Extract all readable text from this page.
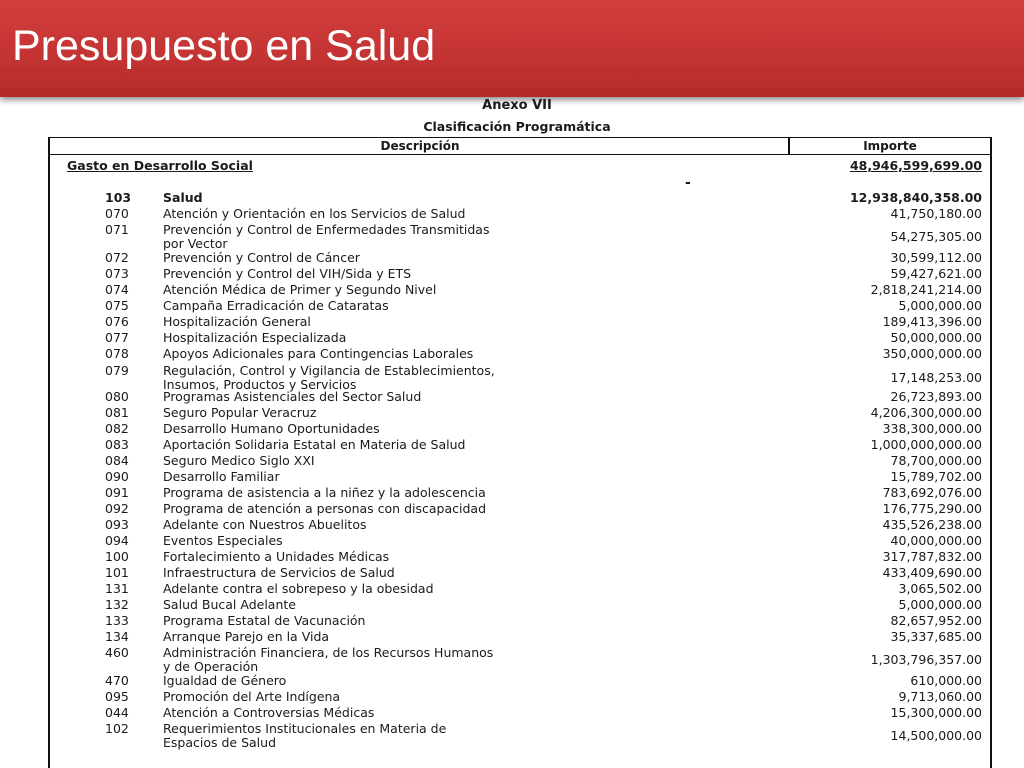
Presupuesto en Salud
Anexo VII
Clasificación Programática
Descripción	Importe
Gasto en Desarrollo Social	48,946,599,699.00
-
103	Salud	12,938,840,358.00
070	Atención y Orientación en los Servicios de Salud	41,750,180.00
071	Prevención y Control de Enfermedades Transmitidas
por Vector	54,275,305.00
072	Prevención y Control de Cáncer	30,599,112.00
073	Prevención y Control del VIH/Sida y ETS	59,427,621.00
074	Atención Médica de Primer y Segundo Nivel	2,818,241,214.00
075	Campaña Erradicación de Cataratas	5,000,000.00
076	Hospitalización General	189,413,396.00
077	Hospitalización Especializada	50,000,000.00
078	Apoyos Adicionales para Contingencias Laborales	350,000,000.00
079	Regulación, Control y Vigilancia de Establecimientos,
Insumos, Productos y Servicios	17,148,253.00
080	Programas Asistenciales del Sector Salud	26,723,893.00
081	Seguro Popular Veracruz	4,206,300,000.00
082	Desarrollo Humano Oportunidades	338,300,000.00
083	Aportación Solidaria Estatal en Materia de Salud	1,000,000,000.00
084	Seguro Medico Siglo XXI	78,700,000.00
090	Desarrollo Familiar	15,789,702.00
091	Programa de asistencia a la niñez y la adolescencia	783,692,076.00
092	Programa de atención a personas con discapacidad	176,775,290.00
093	Adelante con Nuestros Abuelitos	435,526,238.00
094	Eventos Especiales	40,000,000.00
100	Fortalecimiento a Unidades Médicas	317,787,832.00
101	Infraestructura de Servicios de Salud	433,409,690.00
131	Adelante contra el sobrepeso y la obesidad	3,065,502.00
132	Salud Bucal Adelante	5,000,000.00
133	Programa Estatal de Vacunación	82,657,952.00
134	Arranque Parejo en la Vida	35,337,685.00
460	Administración Financiera, de los Recursos Humanos
y de Operación	1,303,796,357.00
470	Igualdad de Género	610,000.00
095	Promoción del Arte Indígena	9,713,060.00
044	Atención a Controversias Médicas	15,300,000.00
102	Requerimientos Institucionales en Materia de
Espacios de Salud	14,500,000.00
